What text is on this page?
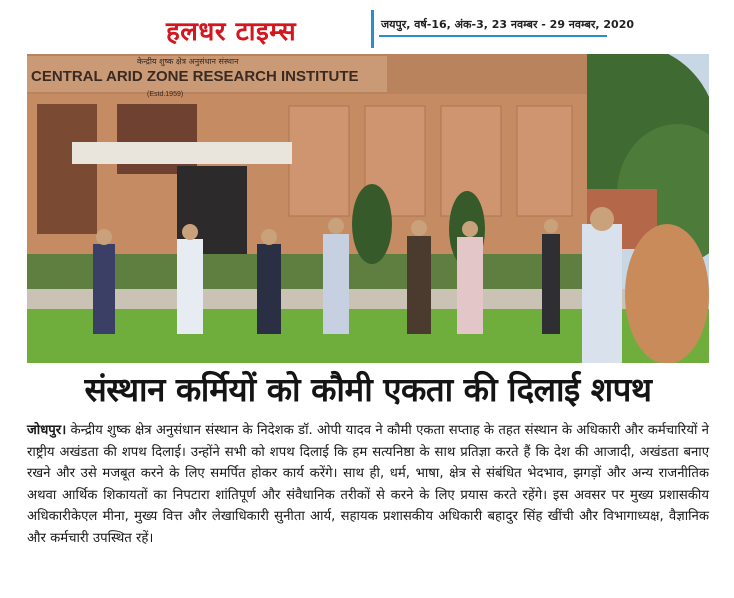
हलधर टाइम्स	जयपुर, वर्ष-16, अंक-3, 23 नवम्बर - 29 नवम्बर, 2020
CENTRAL ARID ZONE RESEARCH INSTITUTE
केन्द्रीय शुष्क क्षेत्र अनुसंधान संस्थान
(Estd.1959)
संस्थान कर्मियों को कौमी एकता की दिलाई शपथ
जोधपुर। केन्द्रीय शुष्क क्षेत्र अनुसंधान संस्थान के निदेशक डॉ. ओपी यादव ने कौमी एकता सप्ताह के तहत संस्थान के अधिकारी और कर्मचारियों ने राष्ट्रीय अखंडता की शपथ दिलाई। उन्होंने सभी को शपथ दिलाई कि हम सत्यनिष्ठा के साथ प्रतिज्ञा करते हैं कि देश की आजादी, अखंडता बनाए रखने और उसे मजबूत करने के लिए समर्पित होकर कार्य करेंगे। साथ ही, धर्म, भाषा, क्षेत्र से संबंधित भेदभाव, झगड़ों और अन्य राजनीतिक अथवा आर्थिक शिकायतों का निपटारा शांतिपूर्ण और संवैधानिक तरीकों से करने के लिए प्रयास करते रहेंगे। इस अवसर पर मुख्य प्रशासकीय अधिकारीकेएल मीना, मुख्य वित्त और लेखाधिकारी सुनीता आर्य, सहायक प्रशासकीय अधिकारी बहादुर सिंह खींची और विभागाध्यक्ष, वैज्ञानिक और कर्मचारी उपस्थित रहें।
